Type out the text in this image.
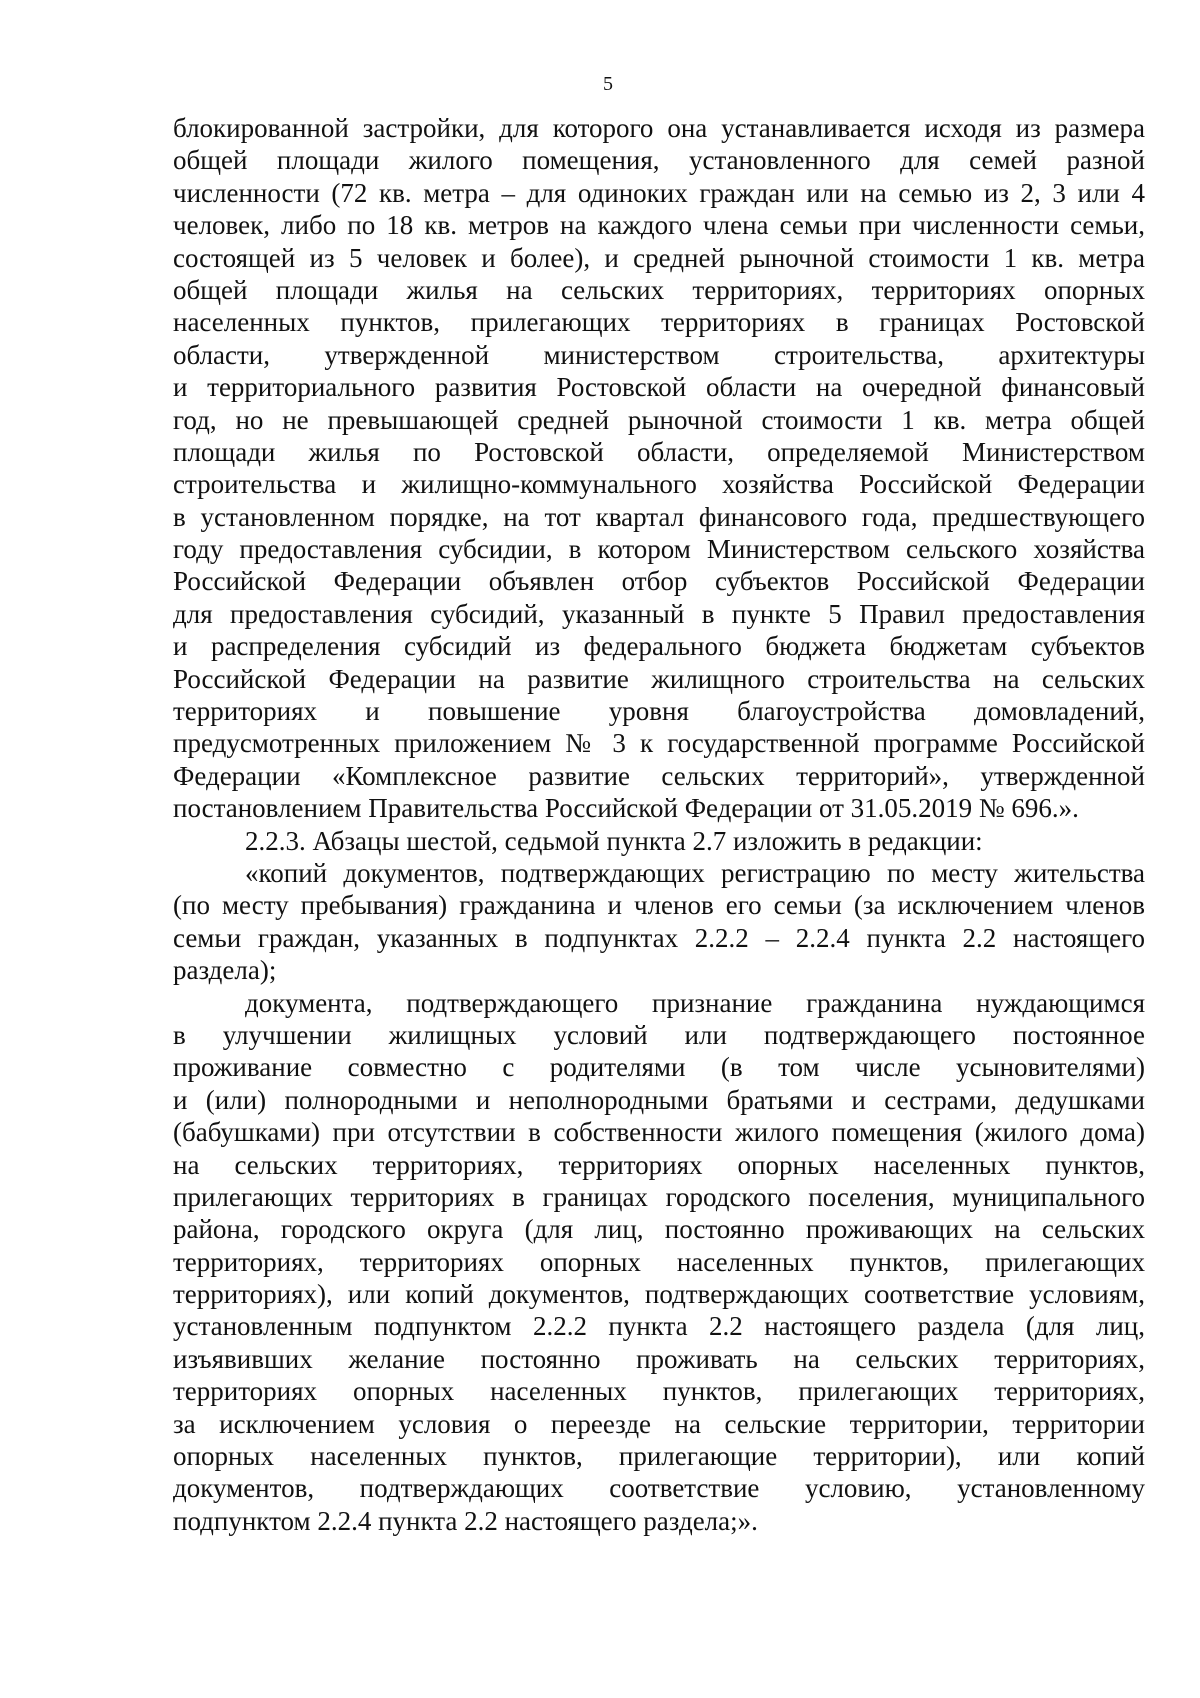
5
блокированной застройки, для которого она устанавливается исходя из размера
общей площади жилого помещения, установленного для семей разной
численности (72 кв. метра – для одиноких граждан или на семью из 2, 3 или 4
человек, либо по 18 кв. метров на каждого члена семьи при численности семьи,
состоящей из 5 человек и более), и средней рыночной стоимости 1 кв. метра
общей площади жилья на сельских территориях, территориях опорных
населенных пунктов, прилегающих территориях в границах Ростовской
области, утвержденной министерством строительства, архитектуры
и территориального развития Ростовской области на очередной финансовый
год, но не превышающей средней рыночной стоимости 1 кв. метра общей
площади жилья по Ростовской области, определяемой Министерством
строительства и жилищно-коммунального хозяйства Российской Федерации
в установленном порядке, на тот квартал финансового года, предшествующего
году предоставления субсидии, в котором Министерством сельского хозяйства
Российской Федерации объявлен отбор субъектов Российской Федерации
для предоставления субсидий, указанный в пункте 5 Правил предоставления
и распределения субсидий из федерального бюджета бюджетам субъектов
Российской Федерации на развитие жилищного строительства на сельских
территориях и повышение уровня благоустройства домовладений,
предусмотренных приложением № 3 к государственной программе Российской
Федерации «Комплексное развитие сельских территорий», утвержденной
постановлением Правительства Российской Федерации от 31.05.2019 № 696.».
2.2.3. Абзацы шестой, седьмой пункта 2.7 изложить в редакции:
«копий документов, подтверждающих регистрацию по месту жительства
(по месту пребывания) гражданина и членов его семьи (за исключением членов
семьи граждан, указанных в подпунктах 2.2.2 – 2.2.4 пункта 2.2 настоящего
раздела);
документа, подтверждающего признание гражданина нуждающимся
в улучшении жилищных условий или подтверждающего постоянное
проживание совместно с родителями (в том числе усыновителями)
и (или) полнородными и неполнородными братьями и сестрами, дедушками
(бабушками) при отсутствии в собственности жилого помещения (жилого дома)
на сельских территориях, территориях опорных населенных пунктов,
прилегающих территориях в границах городского поселения, муниципального
района, городского округа (для лиц, постоянно проживающих на сельских
территориях, территориях опорных населенных пунктов, прилегающих
территориях), или копий документов, подтверждающих соответствие условиям,
установленным подпунктом 2.2.2 пункта 2.2 настоящего раздела (для лиц,
изъявивших желание постоянно проживать на сельских территориях,
территориях опорных населенных пунктов, прилегающих территориях,
за исключением условия о переезде на сельские территории, территории
опорных населенных пунктов, прилегающие территории), или копий
документов, подтверждающих соответствие условию, установленному
подпунктом 2.2.4 пункта 2.2 настоящего раздела;».
